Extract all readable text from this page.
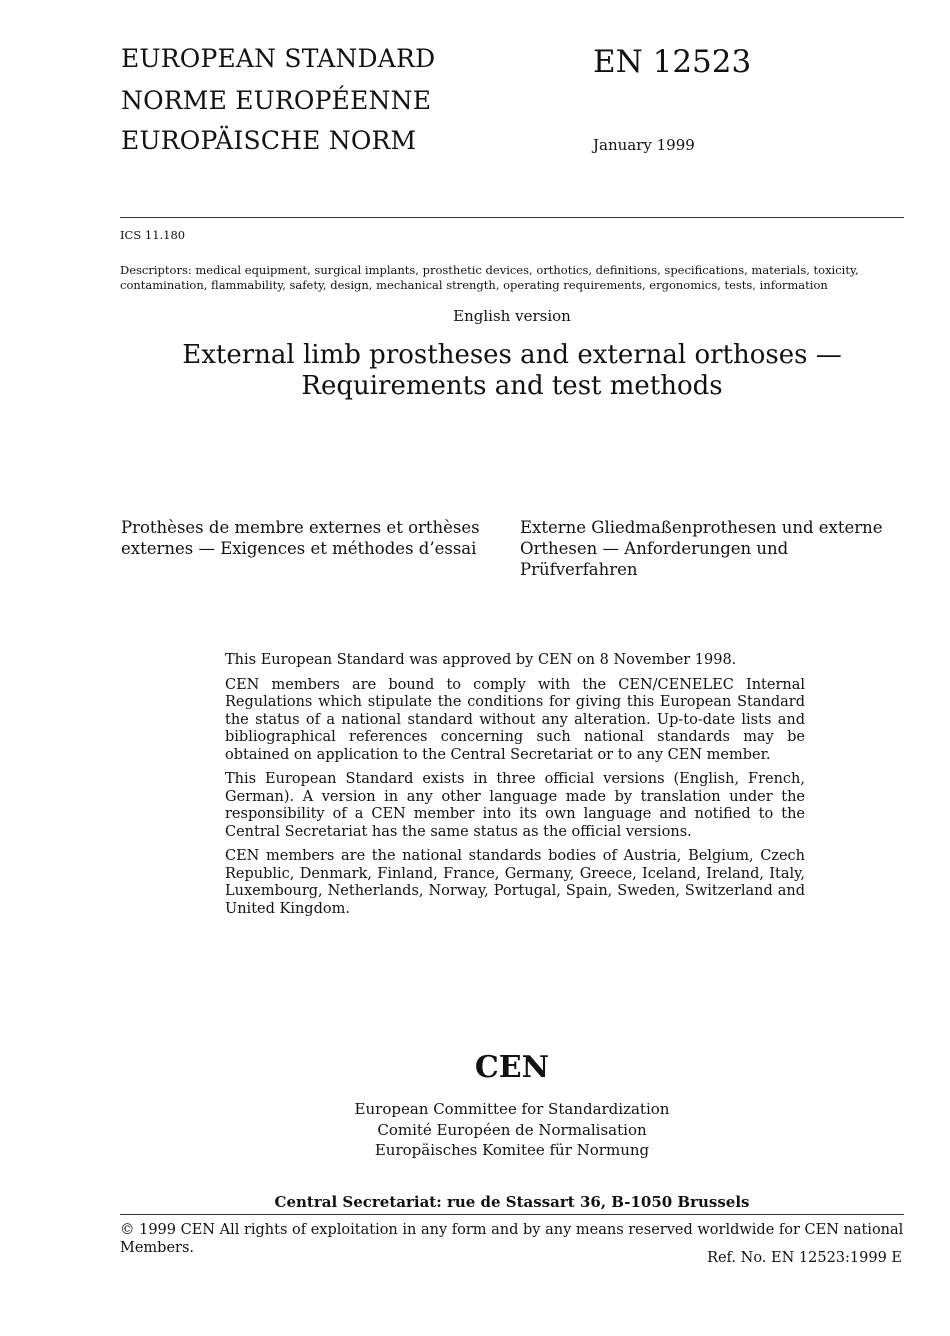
EUROPEAN STANDARD
NORME EUROPÉENNE
EUROPÄISCHE NORM
EN 12523
January 1999
ICS 11.180
Descriptors: medical equipment, surgical implants, prosthetic devices, orthotics, definitions, specifications, materials, toxicity, contamination, flammability, safety, design, mechanical strength, operating requirements, ergonomics, tests, information
English version
External limb prostheses and external orthoses —
Requirements and test methods
Prothèses de membre externes et orthèses
externes — Exigences et méthodes d’essai
Externe Gliedmaßenprothesen und externe
Orthesen — Anforderungen und Prüfverfahren

This European Standard was approved by CEN on 8 November 1998.

CEN members are bound to comply with the CEN/CENELEC Internal Regulations which stipulate the conditions for giving this European Standard the status of a national standard without any alteration. Up-to-date lists and bibliographical references concerning such national standards may be obtained on application to the Central Secretariat or to any CEN member.

This European Standard exists in three official versions (English, French, German). A version in any other language made by translation under the responsibility of a CEN member into its own language and notified to the Central Secretariat has the same status as the official versions.

CEN members are the national standards bodies of Austria, Belgium, Czech Republic, Denmark, Finland, France, Germany, Greece, Iceland, Ireland, Italy, Luxembourg, Netherlands, Norway, Portugal, Spain, Sweden, Switzerland and United Kingdom.

CEN
European Committee for Standardization
Comité Européen de Normalisation
Europäisches Komitee für Normung
Central Secretariat: rue de Stassart 36, B-1050 Brussels
© 1999 CEN All rights of exploitation in any form and by any means reserved worldwide for CEN national Members.
Ref. No. EN 12523:1999 E
